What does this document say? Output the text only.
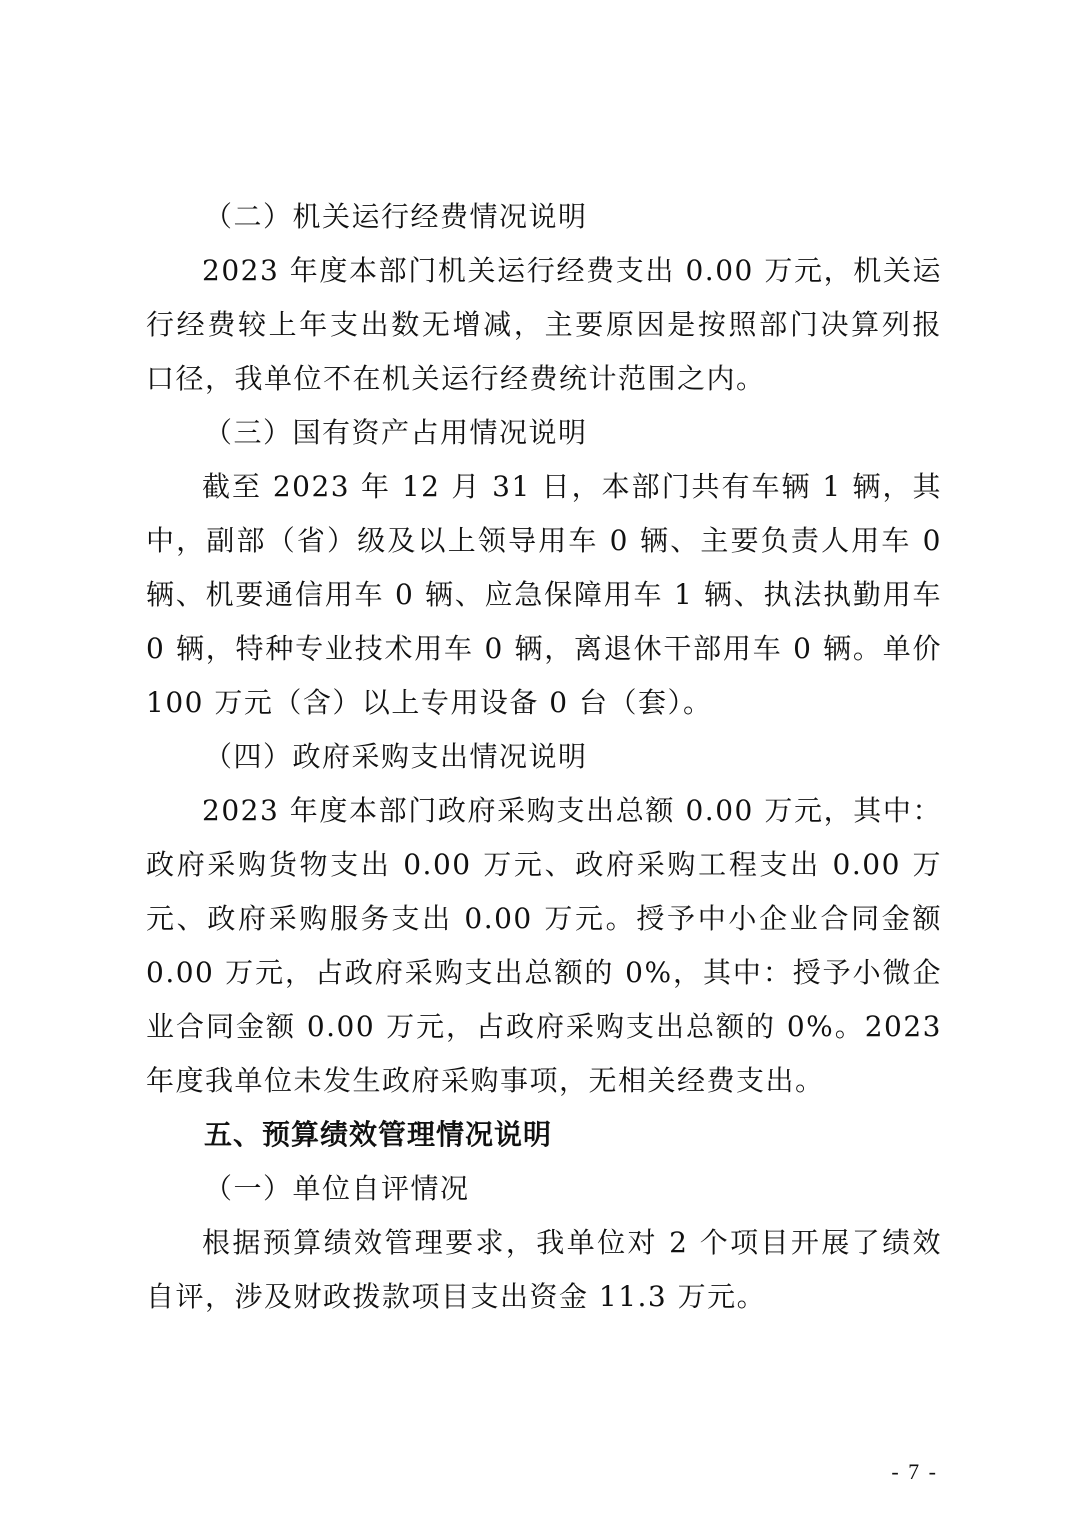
（二）机关运行经费情况说明

2023 年度本部门机关运行经费支出 0.00 万元，机关运行经费较上年支出数无增减，主要原因是按照部门决算列报口径，我单位不在机关运行经费统计范围之内。

（三）国有资产占用情况说明

截至 2023 年 12 月 31 日，本部门共有车辆 1 辆，其中，副部（省）级及以上领导用车 0 辆、主要负责人用车 0 辆、机要通信用车 0 辆、应急保障用车 1 辆、执法执勤用车 0 辆，特种专业技术用车 0 辆，离退休干部用车 0 辆。单价 100 万元（含）以上专用设备 0 台（套）。

（四）政府采购支出情况说明

2023 年度本部门政府采购支出总额 0.00 万元，其中：政府采购货物支出 0.00 万元、政府采购工程支出 0.00 万元、政府采购服务支出 0.00 万元。授予中小企业合同金额 0.00 万元，占政府采购支出总额的 0%，其中：授予小微企业合同金额 0.00 万元，占政府采购支出总额的 0%。2023 年度我单位未发生政府采购事项，无相关经费支出。

五、预算绩效管理情况说明

（一）单位自评情况

根据预算绩效管理要求，我单位对 2 个项目开展了绩效自评，涉及财政拨款项目支出资金 11.3 万元。

- 7 -
